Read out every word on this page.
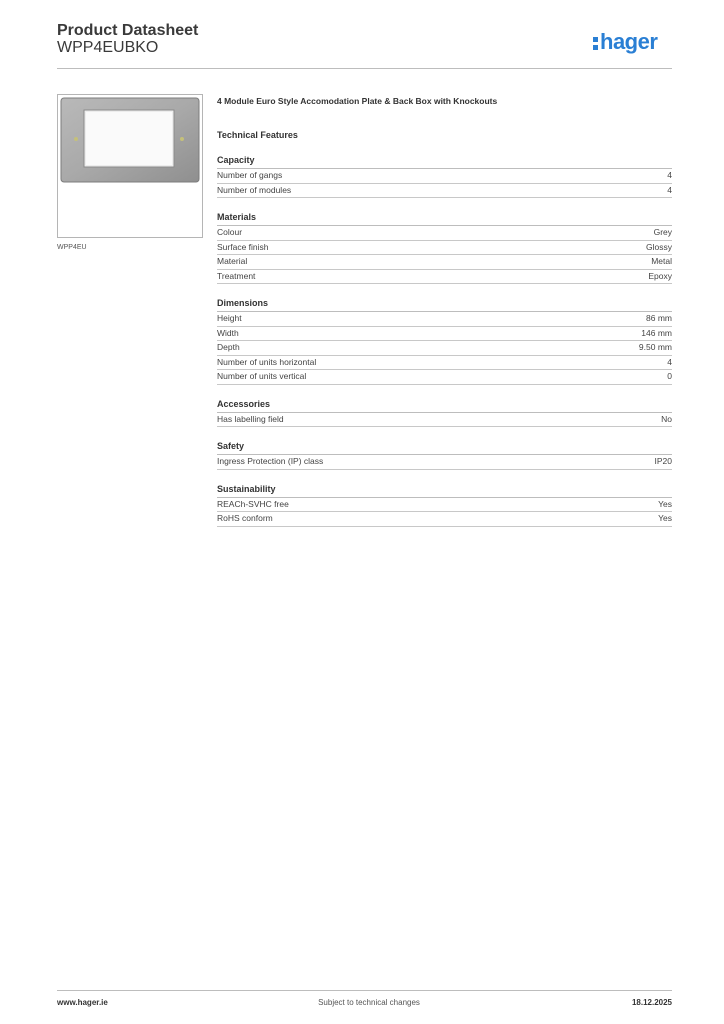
Product Datasheet
WPP4EUBKO	hager
WPP4EU
4 Module Euro Style Accomodation Plate & Back Box with Knockouts
Technical Features
Capacity
Number of gangs	4
Number of modules	4
Materials
Colour	Grey
Surface finish	Glossy
Material	Metal
Treatment	Epoxy
Dimensions
Height	86 mm
Width	146 mm
Depth	9.50 mm
Number of units horizontal	4
Number of units vertical	0
Accessories
Has labelling field	No
Safety
Ingress Protection (IP) class	IP20
Sustainability
REACh-SVHC free	Yes
RoHS conform	Yes
www.hager.ie	Subject to technical changes	18.12.2025
